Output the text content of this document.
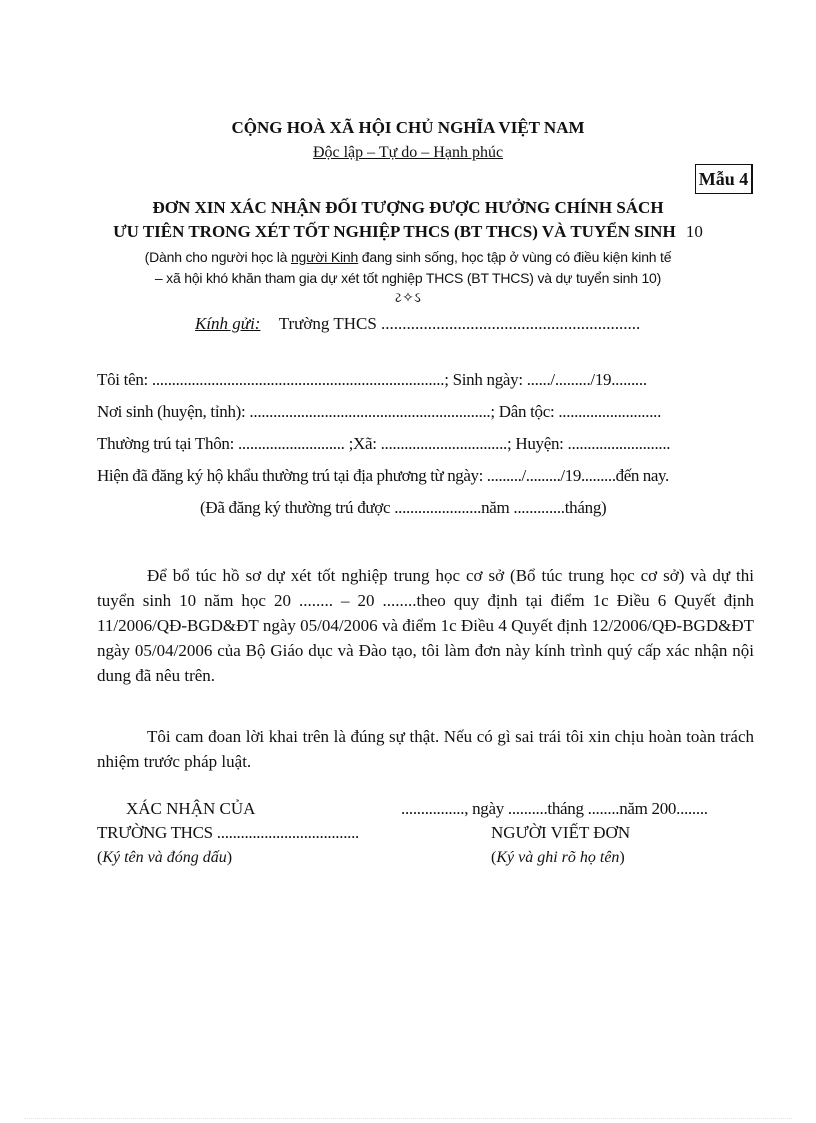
CỘNG HOÀ XÃ HỘI CHỦ NGHĨA VIỆT NAM
Độc lập – Tự do – Hạnh phúc
Mẫu 4
ĐƠN XIN XÁC NHẬN ĐỐI TƯỢNG ĐƯỢC HƯỞNG CHÍNH SÁCH
ƯU TIÊN TRONG XÉT TỐT NGHIỆP THCS (BT THCS) VÀ TUYỂN SINH 10
(Dành cho người học là người Kinh đang sinh sống, học tập ở vùng có điều kiện kinh tế
– xã hội khó khăn tham gia dự xét tốt nghiệp THCS (BT THCS) và dự tuyển sinh 10)
ઽ✧ઽ
Kính gửi: Trường THCS .............................................................
Tôi tên: ..........................................................................; Sinh ngày: ....../........./19.........
Nơi sinh (huyện, tỉnh): .............................................................; Dân tộc: ..........................
Thường trú tại Thôn: ........................... ;Xã: ................................; Huyện: ..........................
Hiện đã đăng ký hộ khẩu thường trú tại địa phương từ ngày: ........./........./19.........đến nay.
(Đã đăng ký thường trú được ......................năm .............tháng)
Để bổ túc hồ sơ dự xét tốt nghiệp trung học cơ sở (Bổ túc trung học cơ sở) và dự thi tuyển sinh 10 năm học 20 ........ – 20 ........theo quy định tại điểm 1c Điều 6 Quyết định 11/2006/QĐ-BGD&ĐT ngày 05/04/2006 và điểm 1c Điều 4 Quyết định 12/2006/QĐ-BGD&ĐT ngày 05/04/2006 của Bộ Giáo dục và Đào tạo, tôi làm đơn này kính trình quý cấp xác nhận nội dung đã nêu trên.
Tôi cam đoan lời khai trên là đúng sự thật. Nếu có gì sai trái tôi xin chịu hoàn toàn trách nhiệm trước pháp luật.
XÁC NHẬN CỦA
TRƯỜNG THCS ....................................
(Ký tên và đóng dấu)
................, ngày ..........tháng ........năm 200........
NGƯỜI VIẾT ĐƠN
(Ký và ghi rõ họ tên)
